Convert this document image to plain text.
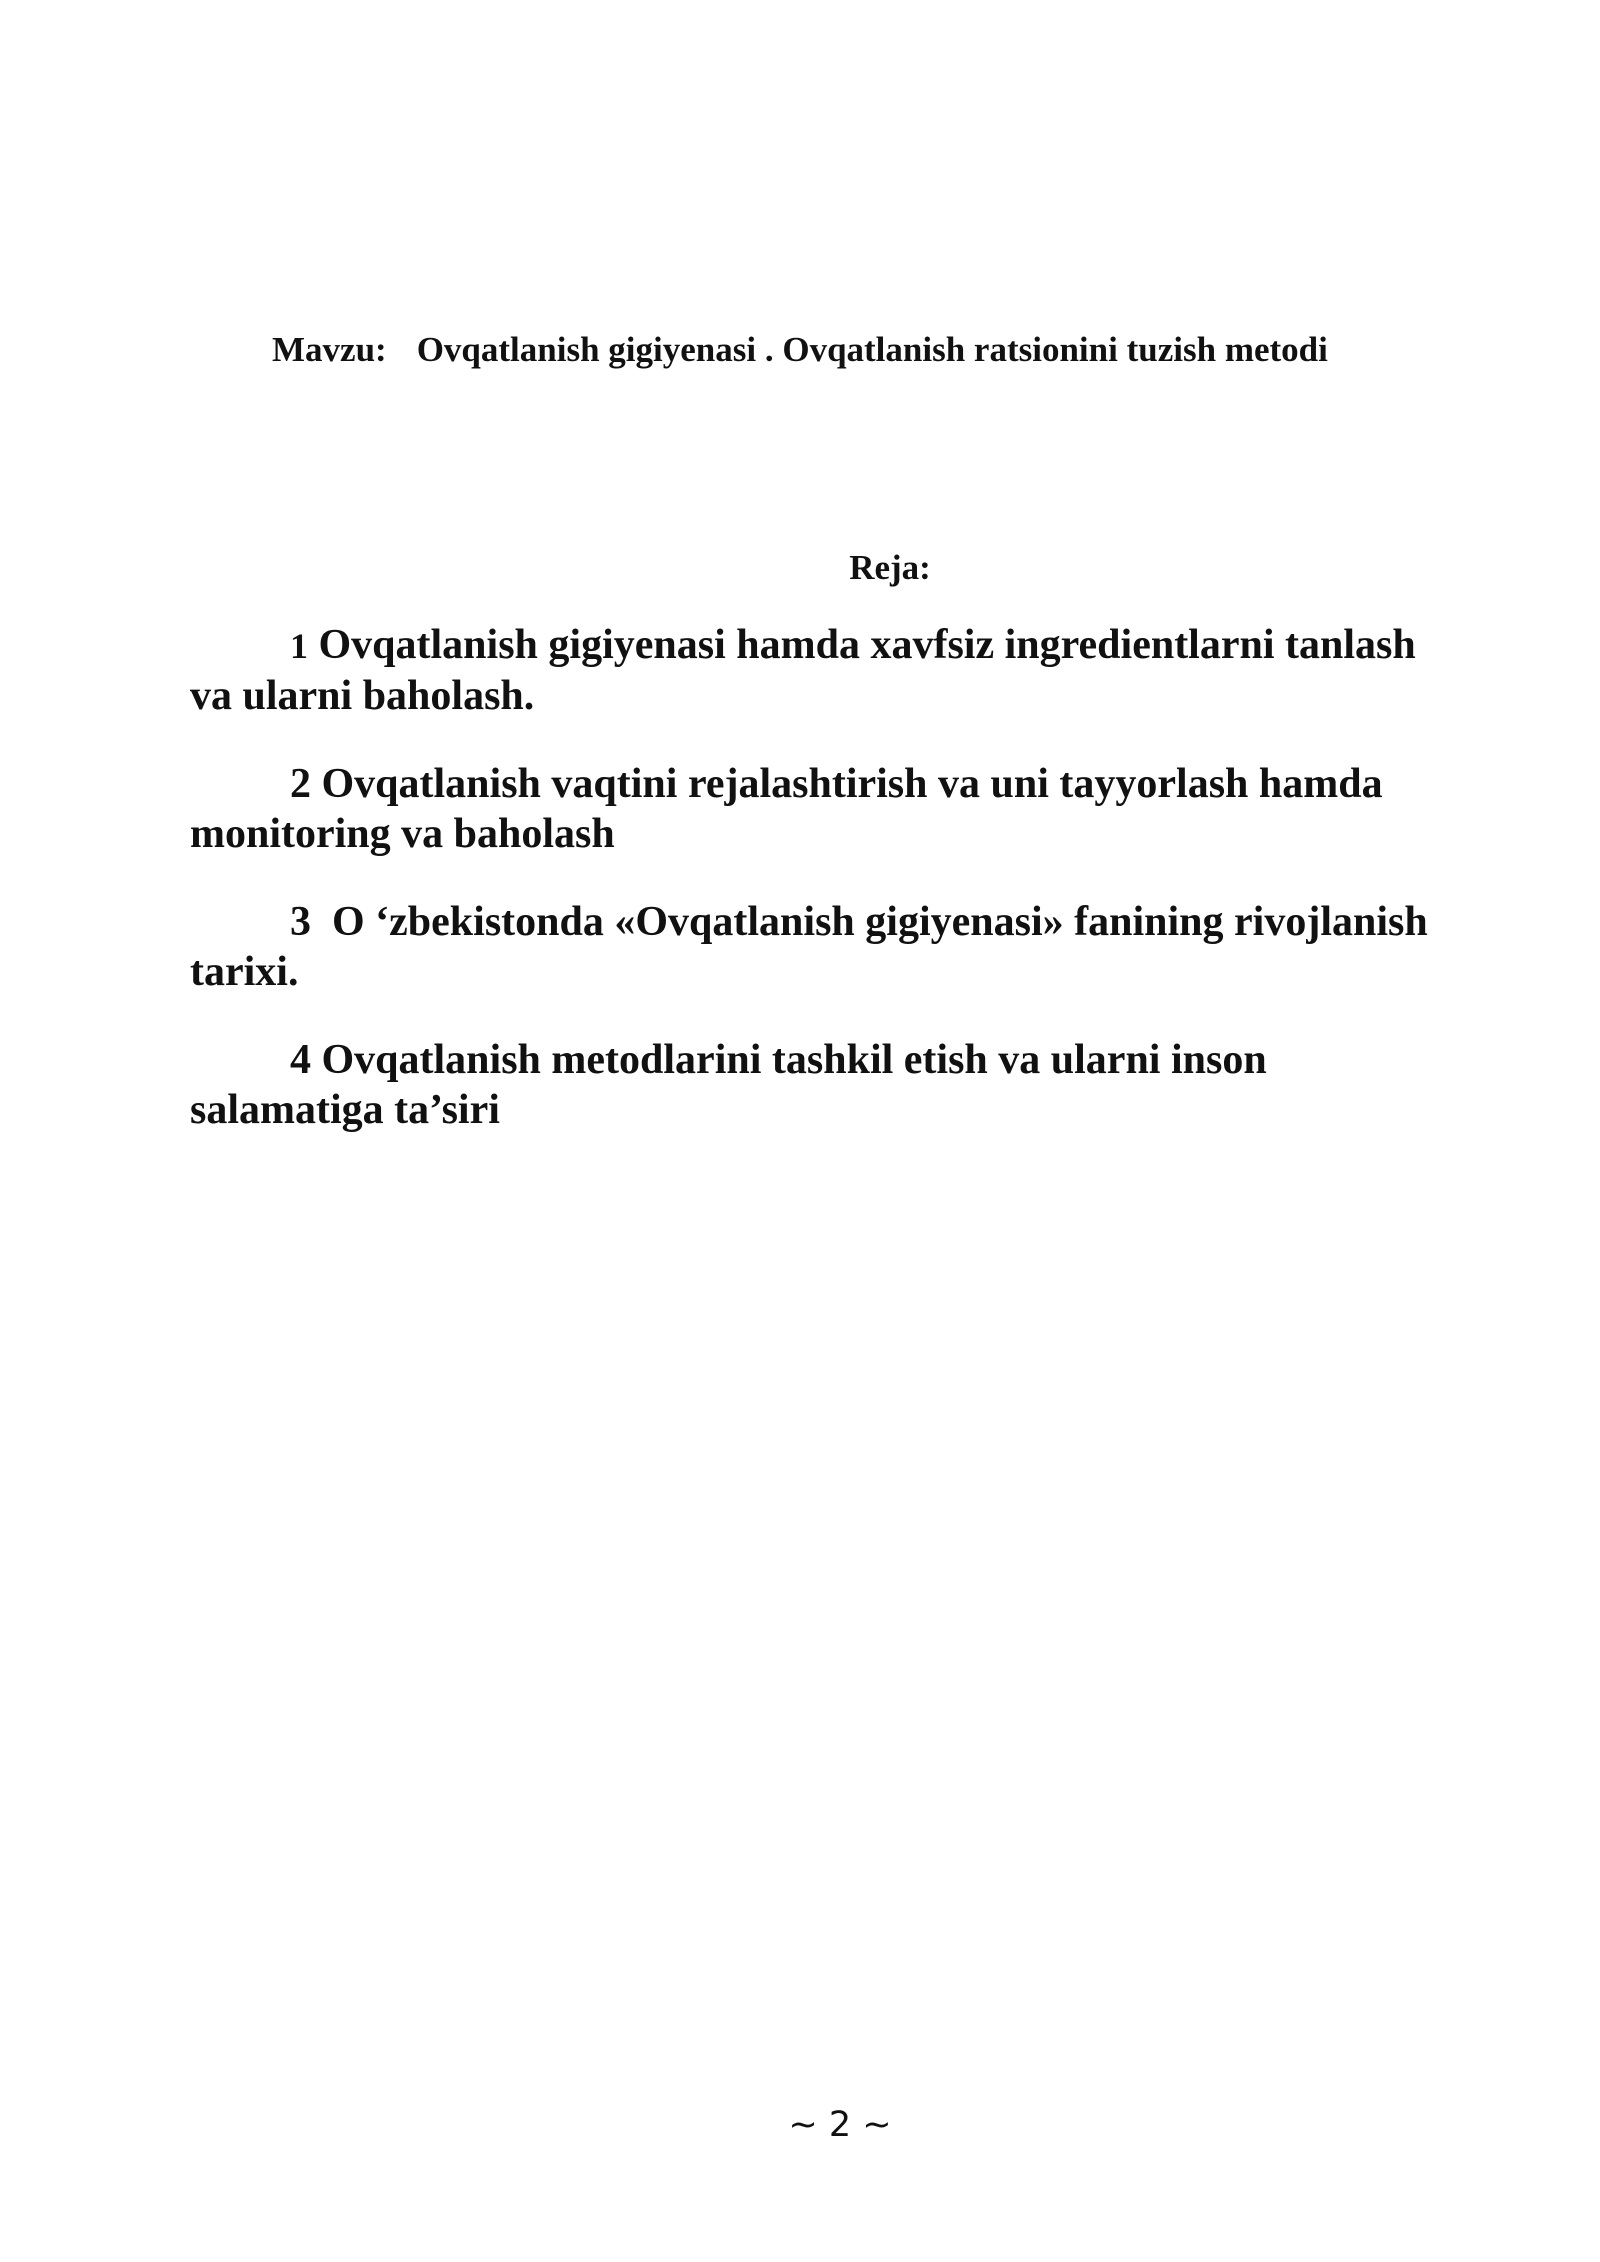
Mavzu: Ovqatlanish gigiyenasi . Ovqatlanish ratsionini tuzish metodi
Reja:

1 Ovqatlanish gigiyenasi hamda xavfsiz ingredientlarni tanlash va ularni baholash.

2 Ovqatlanish vaqtini rejalashtirish va uni tayyorlash hamda monitoring va baholash

3  O ‘zbekistonda «Ovqatlanish gigiyenasi» fanining rivojlanish tarixi.

4 Ovqatlanish metodlarini tashkil etish va ularni inson salamatiga ta’siri

~ 2 ~
